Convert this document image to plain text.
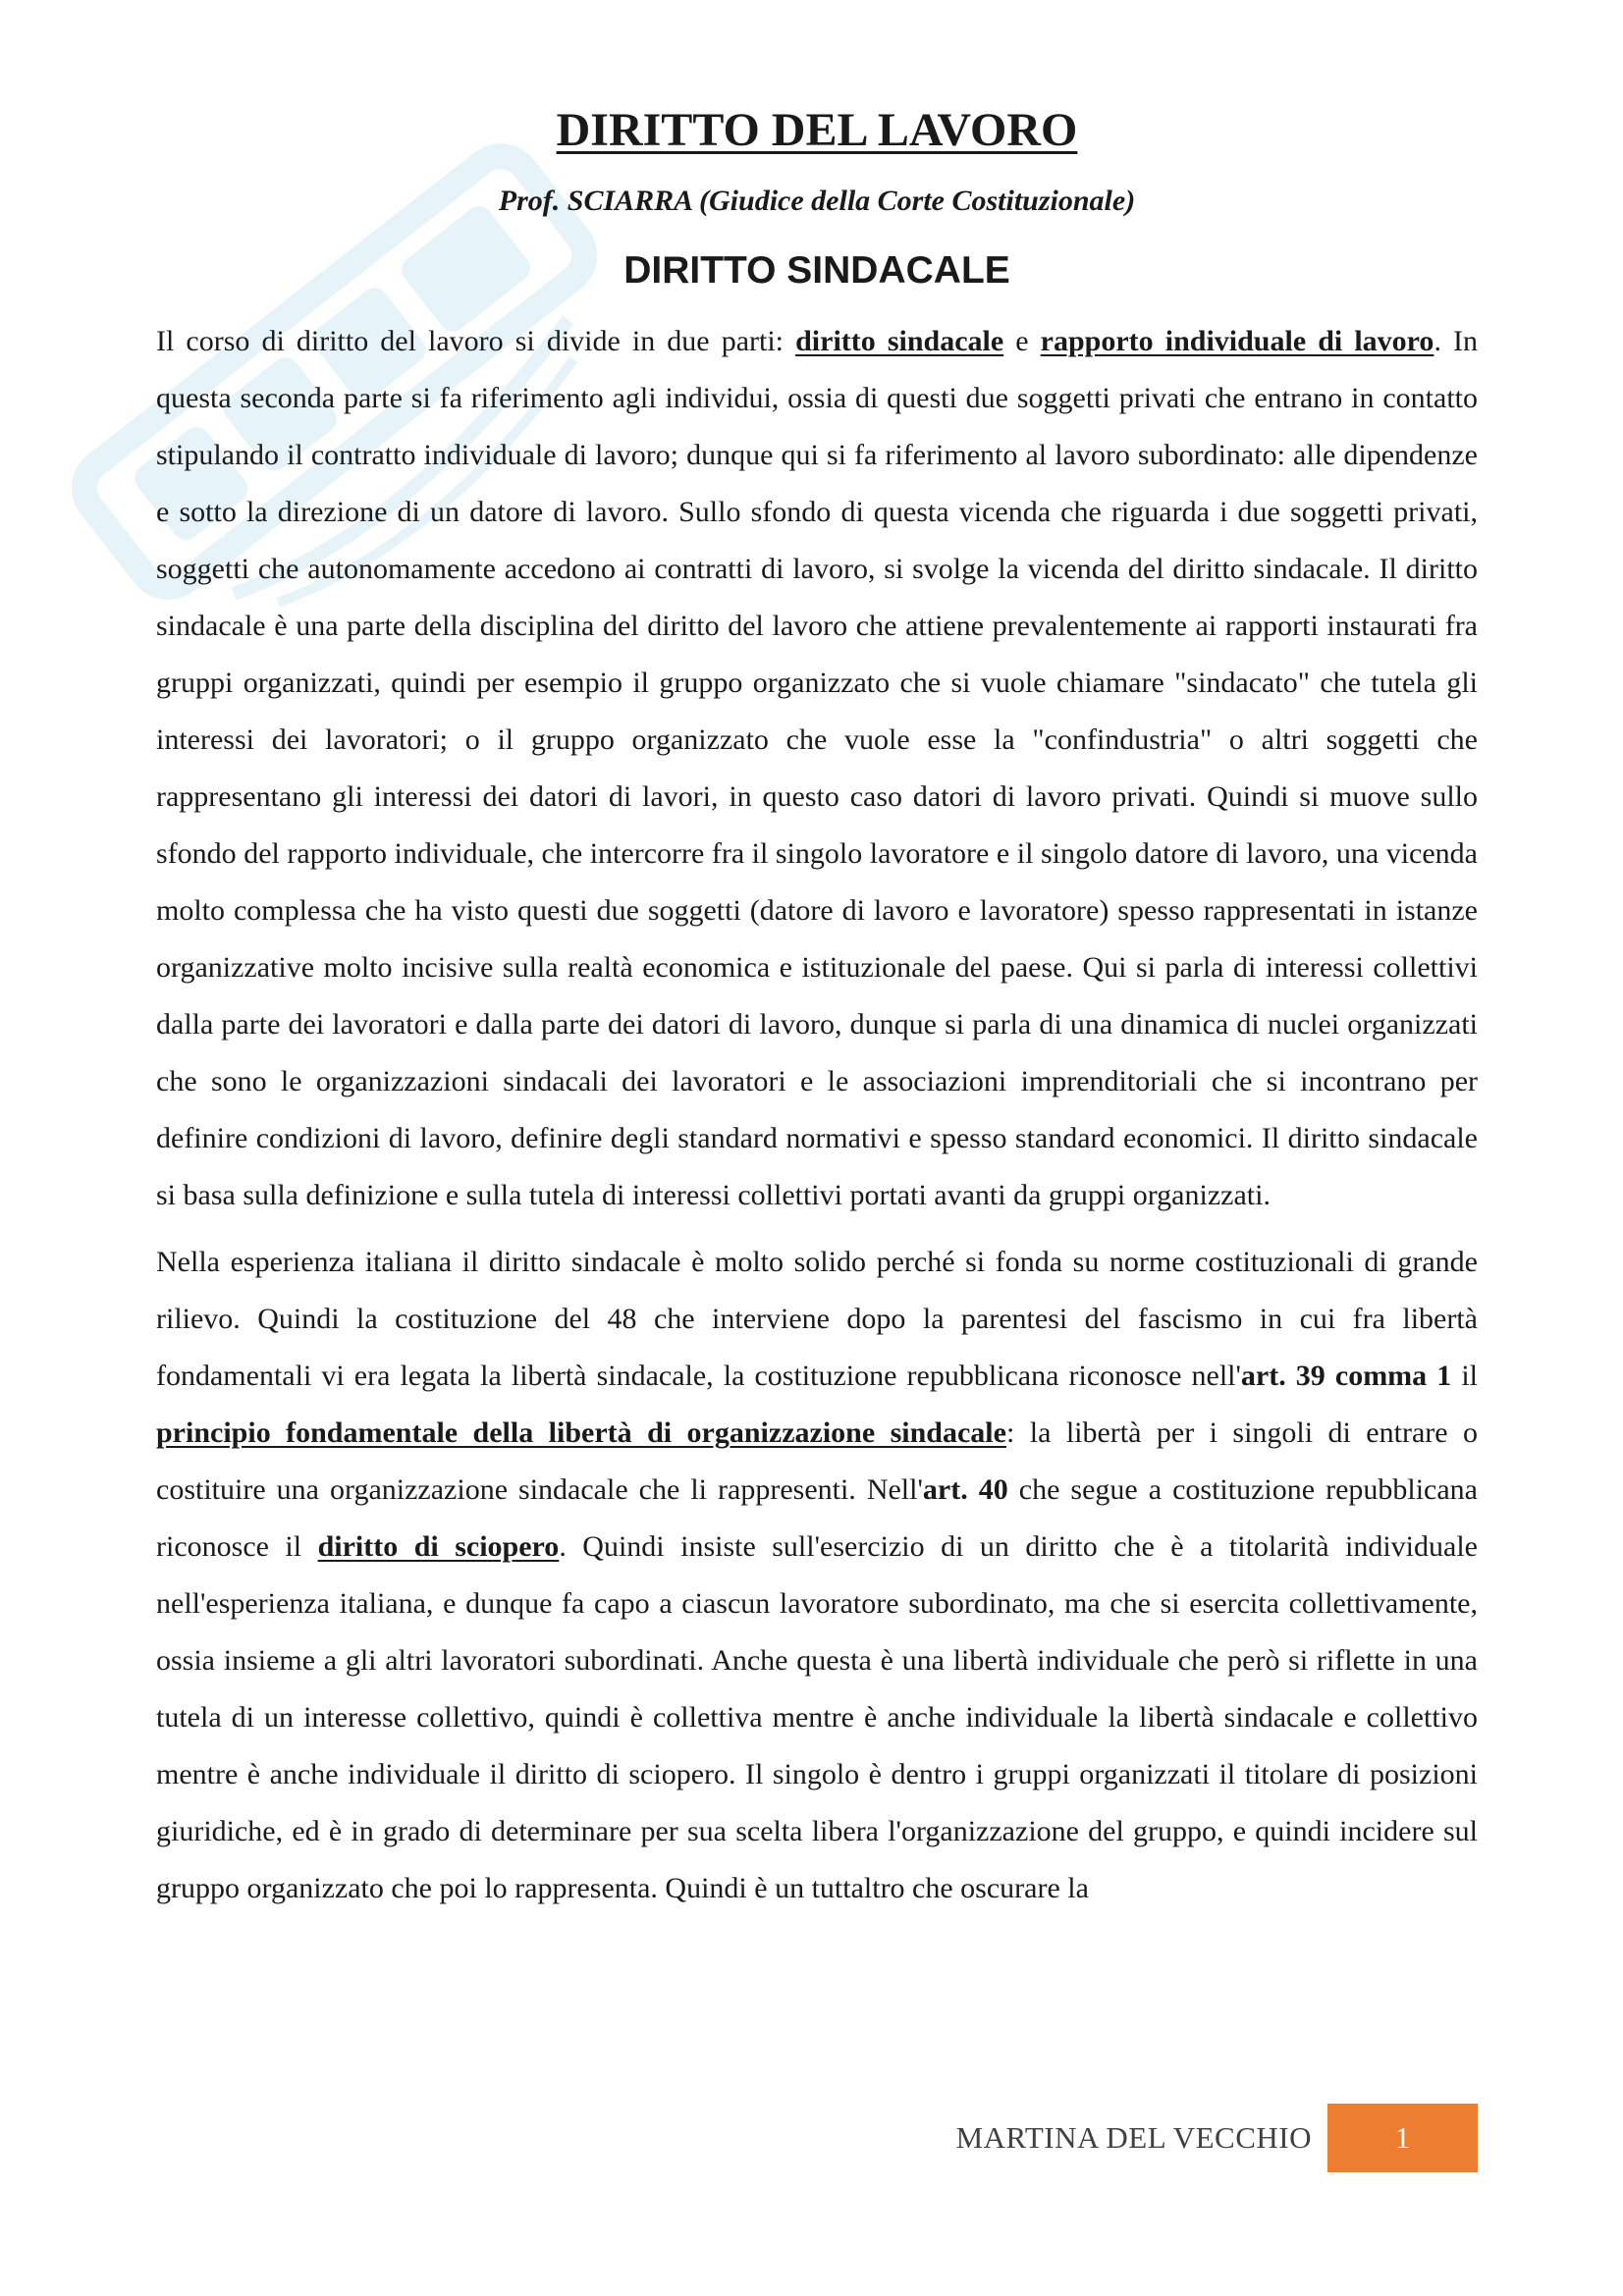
DIRITTO DEL LAVORO

Prof. SCIARRA (Giudice della Corte Costituzionale)

DIRITTO SINDACALE

Il corso di diritto del lavoro si divide in due parti: diritto sindacale e rapporto individuale di lavoro. In questa seconda parte si fa riferimento agli individui, ossia di questi due soggetti privati che entrano in contatto stipulando il contratto individuale di lavoro; dunque qui si fa riferimento al lavoro subordinato: alle dipendenze e sotto la direzione di un datore di lavoro. Sullo sfondo di questa vicenda che riguarda i due soggetti privati, soggetti che autonomamente accedono ai contratti di lavoro, si svolge la vicenda del diritto sindacale. Il diritto sindacale è una parte della disciplina del diritto del lavoro che attiene prevalentemente ai rapporti instaurati fra gruppi organizzati, quindi per esempio il gruppo organizzato che si vuole chiamare "sindacato" che tutela gli interessi dei lavoratori; o il gruppo organizzato che vuole esse la "confindustria" o altri soggetti che rappresentano gli interessi dei datori di lavori, in questo caso datori di lavoro privati. Quindi si muove sullo sfondo del rapporto individuale, che intercorre fra il singolo lavoratore e il singolo datore di lavoro, una vicenda molto complessa che ha visto questi due soggetti (datore di lavoro e lavoratore) spesso rappresentati in istanze organizzative molto incisive sulla realtà economica e istituzionale del paese. Qui si parla di interessi collettivi dalla parte dei lavoratori e dalla parte dei datori di lavoro, dunque si parla di una dinamica di nuclei organizzati che sono le organizzazioni sindacali dei lavoratori e le associazioni imprenditoriali che si incontrano per definire condizioni di lavoro, definire degli standard normativi e spesso standard economici. Il diritto sindacale si basa sulla definizione e sulla tutela di interessi collettivi portati avanti da gruppi organizzati.

Nella esperienza italiana il diritto sindacale è molto solido perché si fonda su norme costituzionali di grande rilievo. Quindi la costituzione del 48 che interviene dopo la parentesi del fascismo in cui fra libertà fondamentali vi era legata la libertà sindacale, la costituzione repubblicana riconosce nell'art. 39 comma 1 il principio fondamentale della libertà di organizzazione sindacale: la libertà per i singoli di entrare o costituire una organizzazione sindacale che li rappresenti. Nell'art. 40 che segue a costituzione repubblicana riconosce il diritto di sciopero. Quindi insiste sull'esercizio di un diritto che è a titolarità individuale nell'esperienza italiana, e dunque fa capo a ciascun lavoratore subordinato, ma che si esercita collettivamente, ossia insieme a gli altri lavoratori subordinati. Anche questa è una libertà individuale che però si riflette in una tutela di un interesse collettivo, quindi è collettiva mentre è anche individuale la libertà sindacale e collettivo mentre è anche individuale il diritto di sciopero. Il singolo è dentro i gruppi organizzati il titolare di posizioni giuridiche, ed è in grado di determinare per sua scelta libera l'organizzazione del gruppo, e quindi incidere sul gruppo organizzato che poi lo rappresenta. Quindi è un tuttaltro che oscurare la

MARTINA DEL VECCHIO	1
